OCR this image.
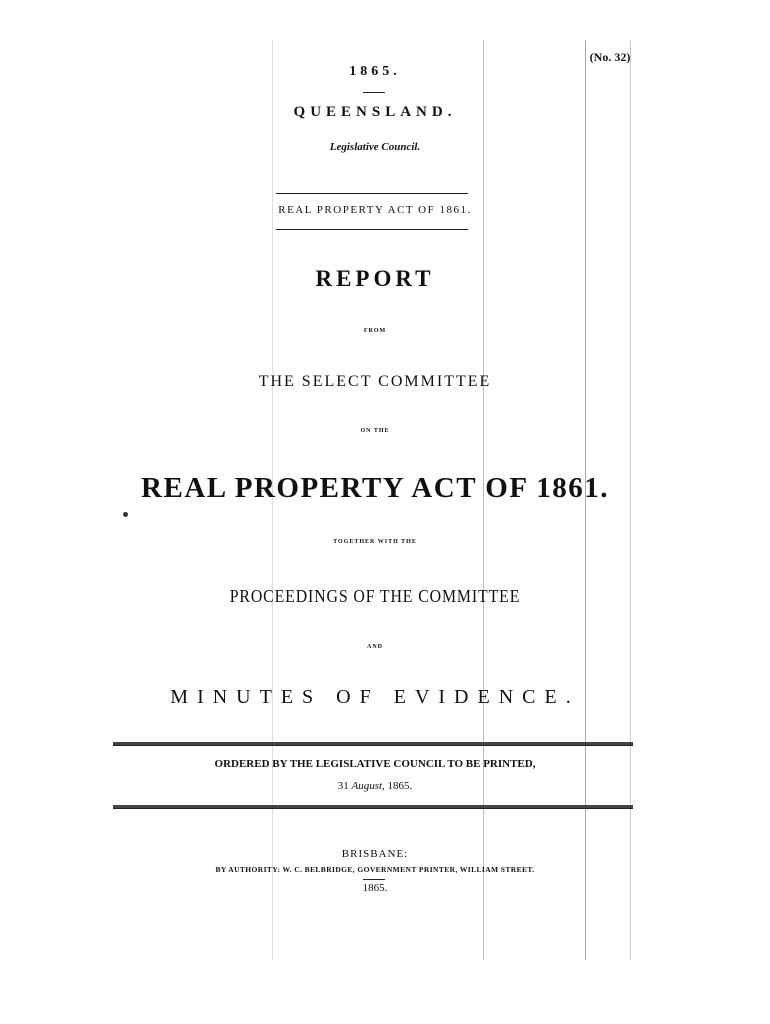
(No. 32)
1865.
QUEENSLAND.
Legislative Council.
REAL PROPERTY ACT OF 1861.
REPORT
FROM
THE SELECT COMMITTEE
ON THE
REAL PROPERTY ACT OF 1861.
TOGETHER WITH THE
PROCEEDINGS OF THE COMMITTEE
AND
MINUTES OF EVIDENCE.
ORDERED BY THE LEGISLATIVE COUNCIL TO BE PRINTED,
31 August, 1865.
BRISBANE:
BY AUTHORITY: W. C. BELBRIDGE, GOVERNMENT PRINTER, WILLIAM STREET.
1865.
